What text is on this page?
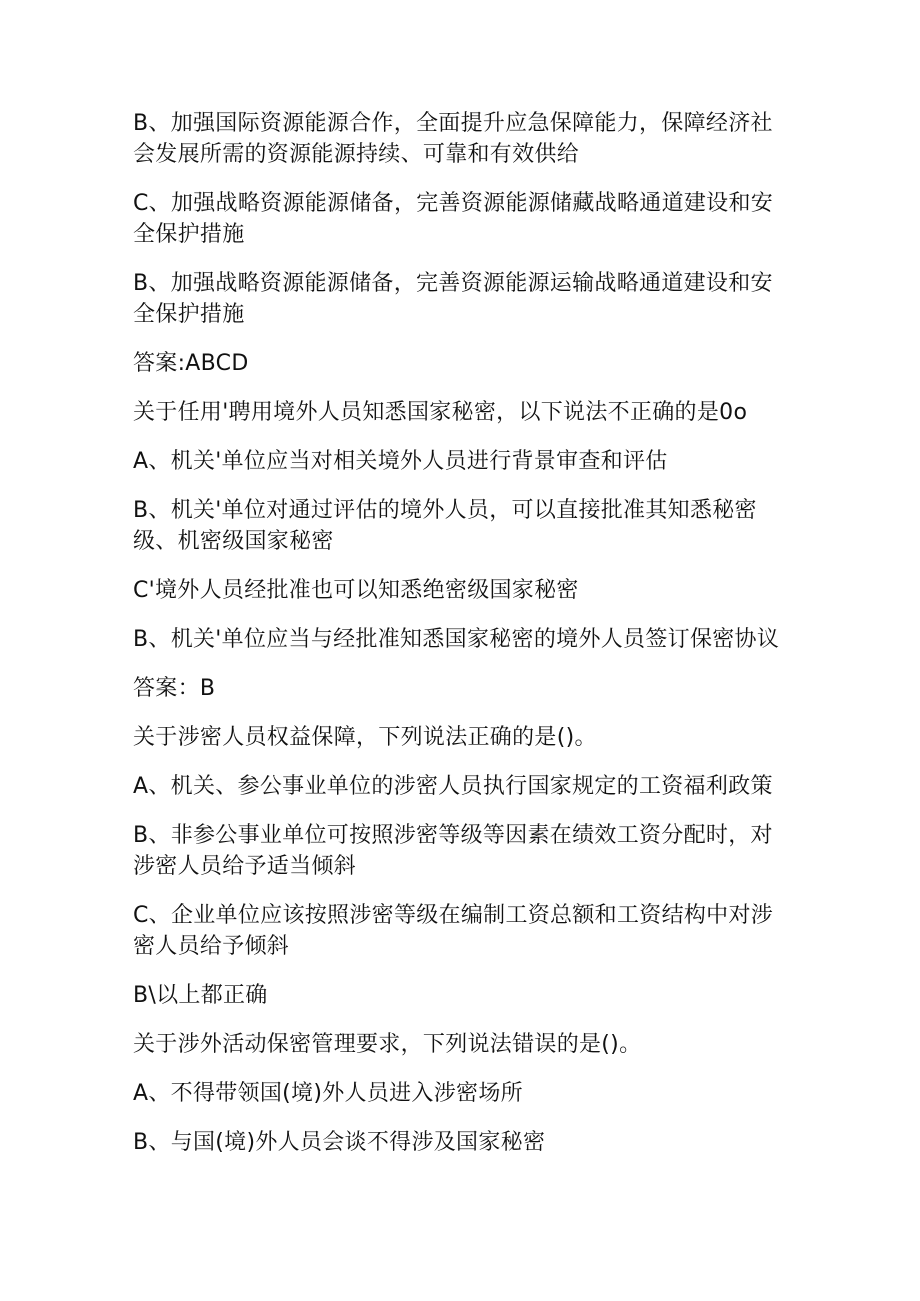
B、加强国际资源能源合作，全面提升应急保障能力，保障经济社会发展所需的资源能源持续、可靠和有效供给

C、加强战略资源能源储备，完善资源能源储藏战略通道建设和安全保护措施

B、加强战略资源能源储备，完善资源能源运输战略通道建设和安全保护措施

答案:ABCD

关于任用'聘用境外人员知悉国家秘密，以下说法不正确的是0o

A、机关'单位应当对相关境外人员进行背景审查和评估

B、机关'单位对通过评估的境外人员，可以直接批准其知悉秘密级、机密级国家秘密

C'境外人员经批准也可以知悉绝密级国家秘密

B、机关'单位应当与经批准知悉国家秘密的境外人员签订保密协议

答案：B

关于涉密人员权益保障，下列说法正确的是()。

A、机关、参公事业单位的涉密人员执行国家规定的工资福利政策

B、非参公事业单位可按照涉密等级等因素在绩效工资分配时，对涉密人员给予适当倾斜

C、企业单位应该按照涉密等级在编制工资总额和工资结构中对涉密人员给予倾斜

B\以上都正确

关于涉外活动保密管理要求，下列说法错误的是()。

A、不得带领国(境)外人员进入涉密场所

B、与国(境)外人员会谈不得涉及国家秘密
